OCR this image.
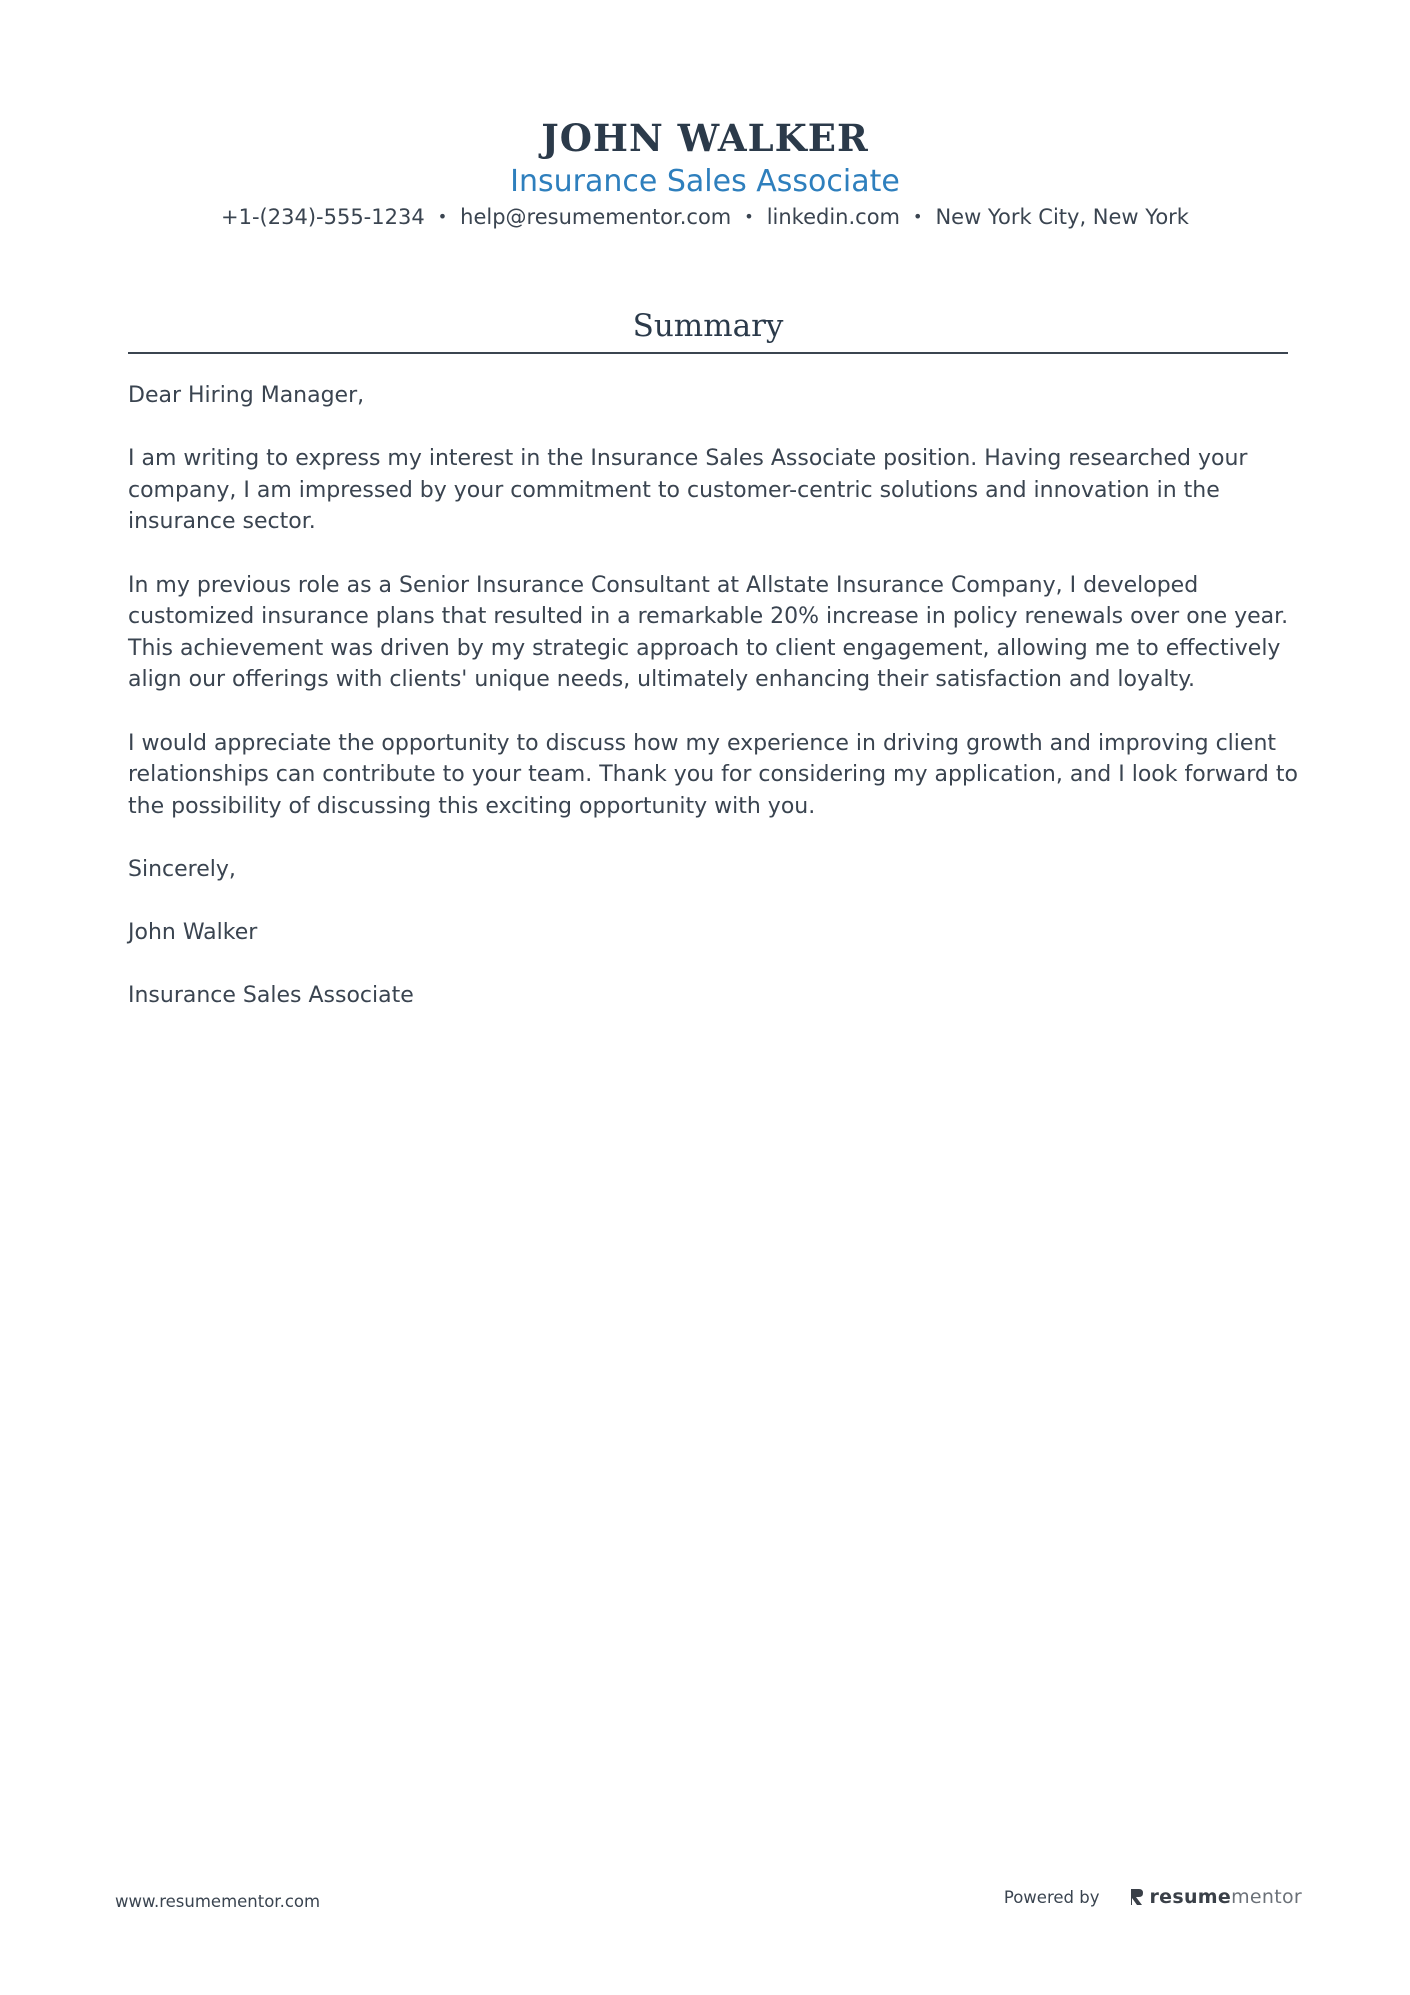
JOHN WALKER
Insurance Sales Associate
+1-(234)-555-1234 • help@resumementor.com • linkedin.com • New York City, New York
Summary

Dear Hiring Manager,

I am writing to express my interest in the Insurance Sales Associate position. Having researched your company, I am impressed by your commitment to customer-centric solutions and innovation in the insurance sector.

In my previous role as a Senior Insurance Consultant at Allstate Insurance Company, I developed customized insurance plans that resulted in a remarkable 20% increase in policy renewals over one year. This achievement was driven by my strategic approach to client engagement, allowing me to effectively align our offerings with clients' unique needs, ultimately enhancing their satisfaction and loyalty.

I would appreciate the opportunity to discuss how my experience in driving growth and improving client relationships can contribute to your team. Thank you for considering my application, and I look forward to the possibility of discussing this exciting opportunity with you.

Sincerely,

John Walker

Insurance Sales Associate

www.resumementor.com	Powered by	resume mentor
